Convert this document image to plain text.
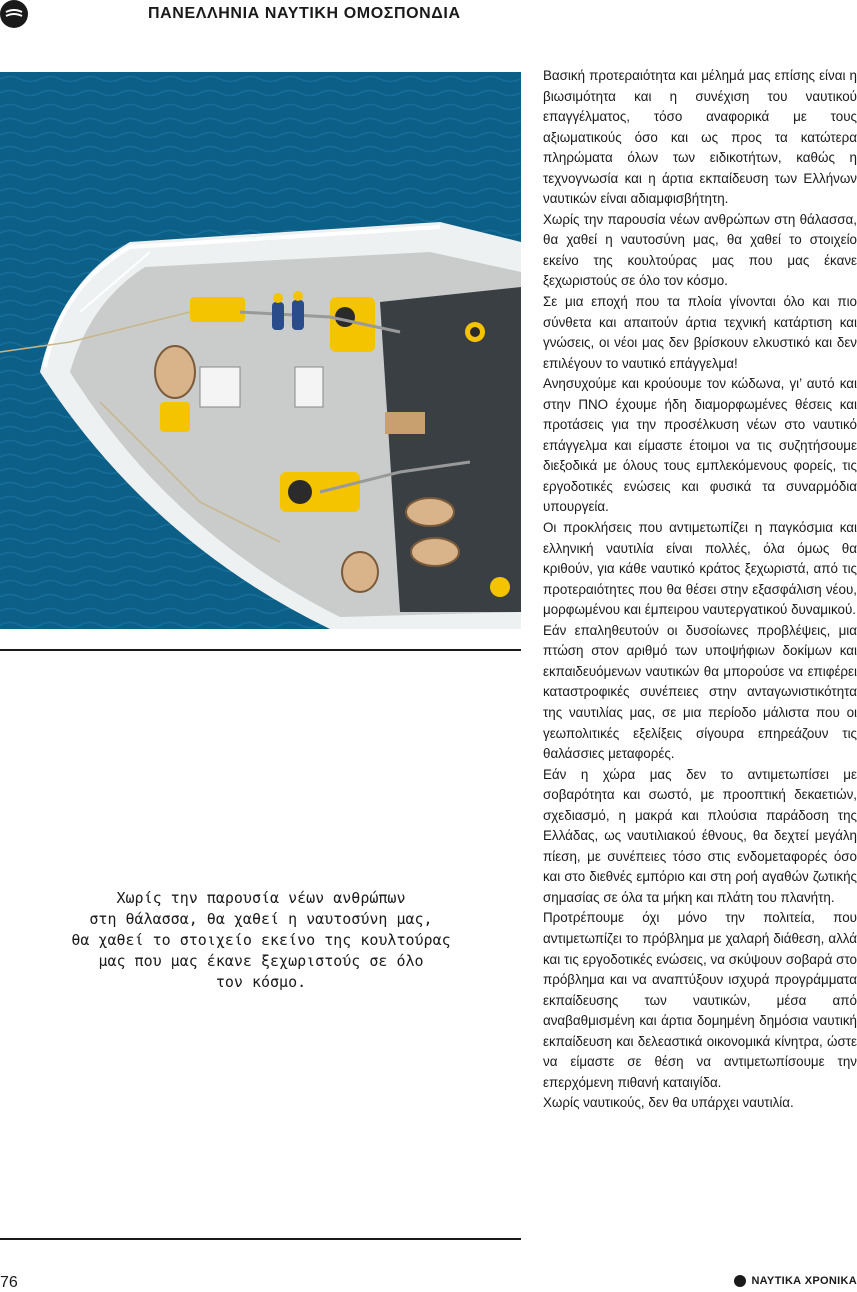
ΠΑΝΕΛΛΗΝΙΑ ΝΑΥΤΙΚΗ ΟΜΟΣΠΟΝΔΙΑ
Χωρίς την παρουσία νέων ανθρώπων
στη θάλασσα, θα χαθεί η ναυτοσύνη μας,
θα χαθεί το στοιχείο εκείνο της κουλτούρας
μας που μας έκανε ξεχωριστούς σε όλο
τον κόσμο.

Βασική προτεραιότητα και μέλημά μας επίσης είναι η βιωσιμότητα και η συνέχιση του ναυτικού επαγγέλματος, τόσο αναφορικά με τους αξιωματικούς όσο και ως προς τα κατώτερα πληρώματα όλων των ειδικοτήτων, καθώς η τεχνογνωσία και η άρτια εκπαίδευση των Ελλήνων ναυτικών είναι αδιαμφισβήτητη.

Χωρίς την παρουσία νέων ανθρώπων στη θάλασσα, θα χαθεί η ναυτοσύνη μας, θα χαθεί το στοιχείο εκείνο της κουλτούρας μας που μας έκανε ξεχωριστούς σε όλο τον κόσμο.

Σε μια εποχή που τα πλοία γίνονται όλο και πιο σύνθετα και απαιτούν άρτια τεχνική κατάρτιση και γνώσεις, οι νέοι μας δεν βρίσκουν ελκυστικό και δεν επιλέγουν το ναυτικό επάγγελμα!

Ανησυχούμε και κρούουμε τον κώδωνα, γι’ αυτό και στην ΠΝΟ έχουμε ήδη διαμορφωμένες θέσεις και προτάσεις για την προσέλκυση νέων στο ναυτικό επάγγελμα και είμαστε έτοιμοι να τις συζητήσουμε διεξοδικά με όλους τους εμπλεκόμενους φορείς, τις εργοδοτικές ενώσεις και φυσικά τα συναρμόδια υπουργεία.

Οι προκλήσεις που αντιμετωπίζει η παγκόσμια και ελληνική ναυτιλία είναι πολλές, όλα όμως θα κριθούν, για κάθε ναυτικό κράτος ξεχωριστά, από τις προτεραιότητες που θα θέσει στην εξασφάλιση νέου, μορφωμένου και έμπειρου ναυτεργατικού δυναμικού.

Εάν επαληθευτούν οι δυσοίωνες προβλέψεις, μια πτώση στον αριθμό των υποψήφιων δοκίμων και εκπαιδευόμενων ναυτικών θα μπορούσε να επιφέρει καταστροφικές συνέπειες στην ανταγωνιστικότητα της ναυτιλίας μας, σε μια περίοδο μάλιστα που οι γεωπολιτικές εξελίξεις σίγουρα επηρεάζουν τις θαλάσσιες μεταφορές.

Εάν η χώρα μας δεν το αντιμετωπίσει με σοβαρότητα και σωστό, με προοπτική δεκαετιών, σχεδιασμό, η μακρά και πλούσια παράδοση της Ελλάδας, ως ναυτιλιακού έθνους, θα δεχτεί μεγάλη πίεση, με συνέπειες τόσο στις ενδομεταφορές όσο και στο διεθνές εμπόριο και στη ροή αγαθών ζωτικής σημασίας σε όλα τα μήκη και πλάτη του πλανήτη.

Προτρέπουμε όχι μόνο την πολιτεία, που αντιμετωπίζει το πρόβλημα με χαλαρή διάθεση, αλλά και τις εργοδοτικές ενώσεις, να σκύψουν σοβαρά στο πρόβλημα και να αναπτύξουν ισχυρά προγράμματα εκπαίδευσης των ναυτικών, μέσα από αναβαθμισμένη και άρτια δομημένη δημόσια ναυτική εκπαίδευση και δελεαστικά οικονομικά κίνητρα, ώστε να είμαστε σε θέση να αντιμετωπίσουμε την επερχόμενη πιθανή καταιγίδα.

Χωρίς ναυτικούς, δεν θα υπάρχει ναυτιλία.

76	ΝΑΥΤΙΚΑ ΧΡΟΝΙΚΑ
